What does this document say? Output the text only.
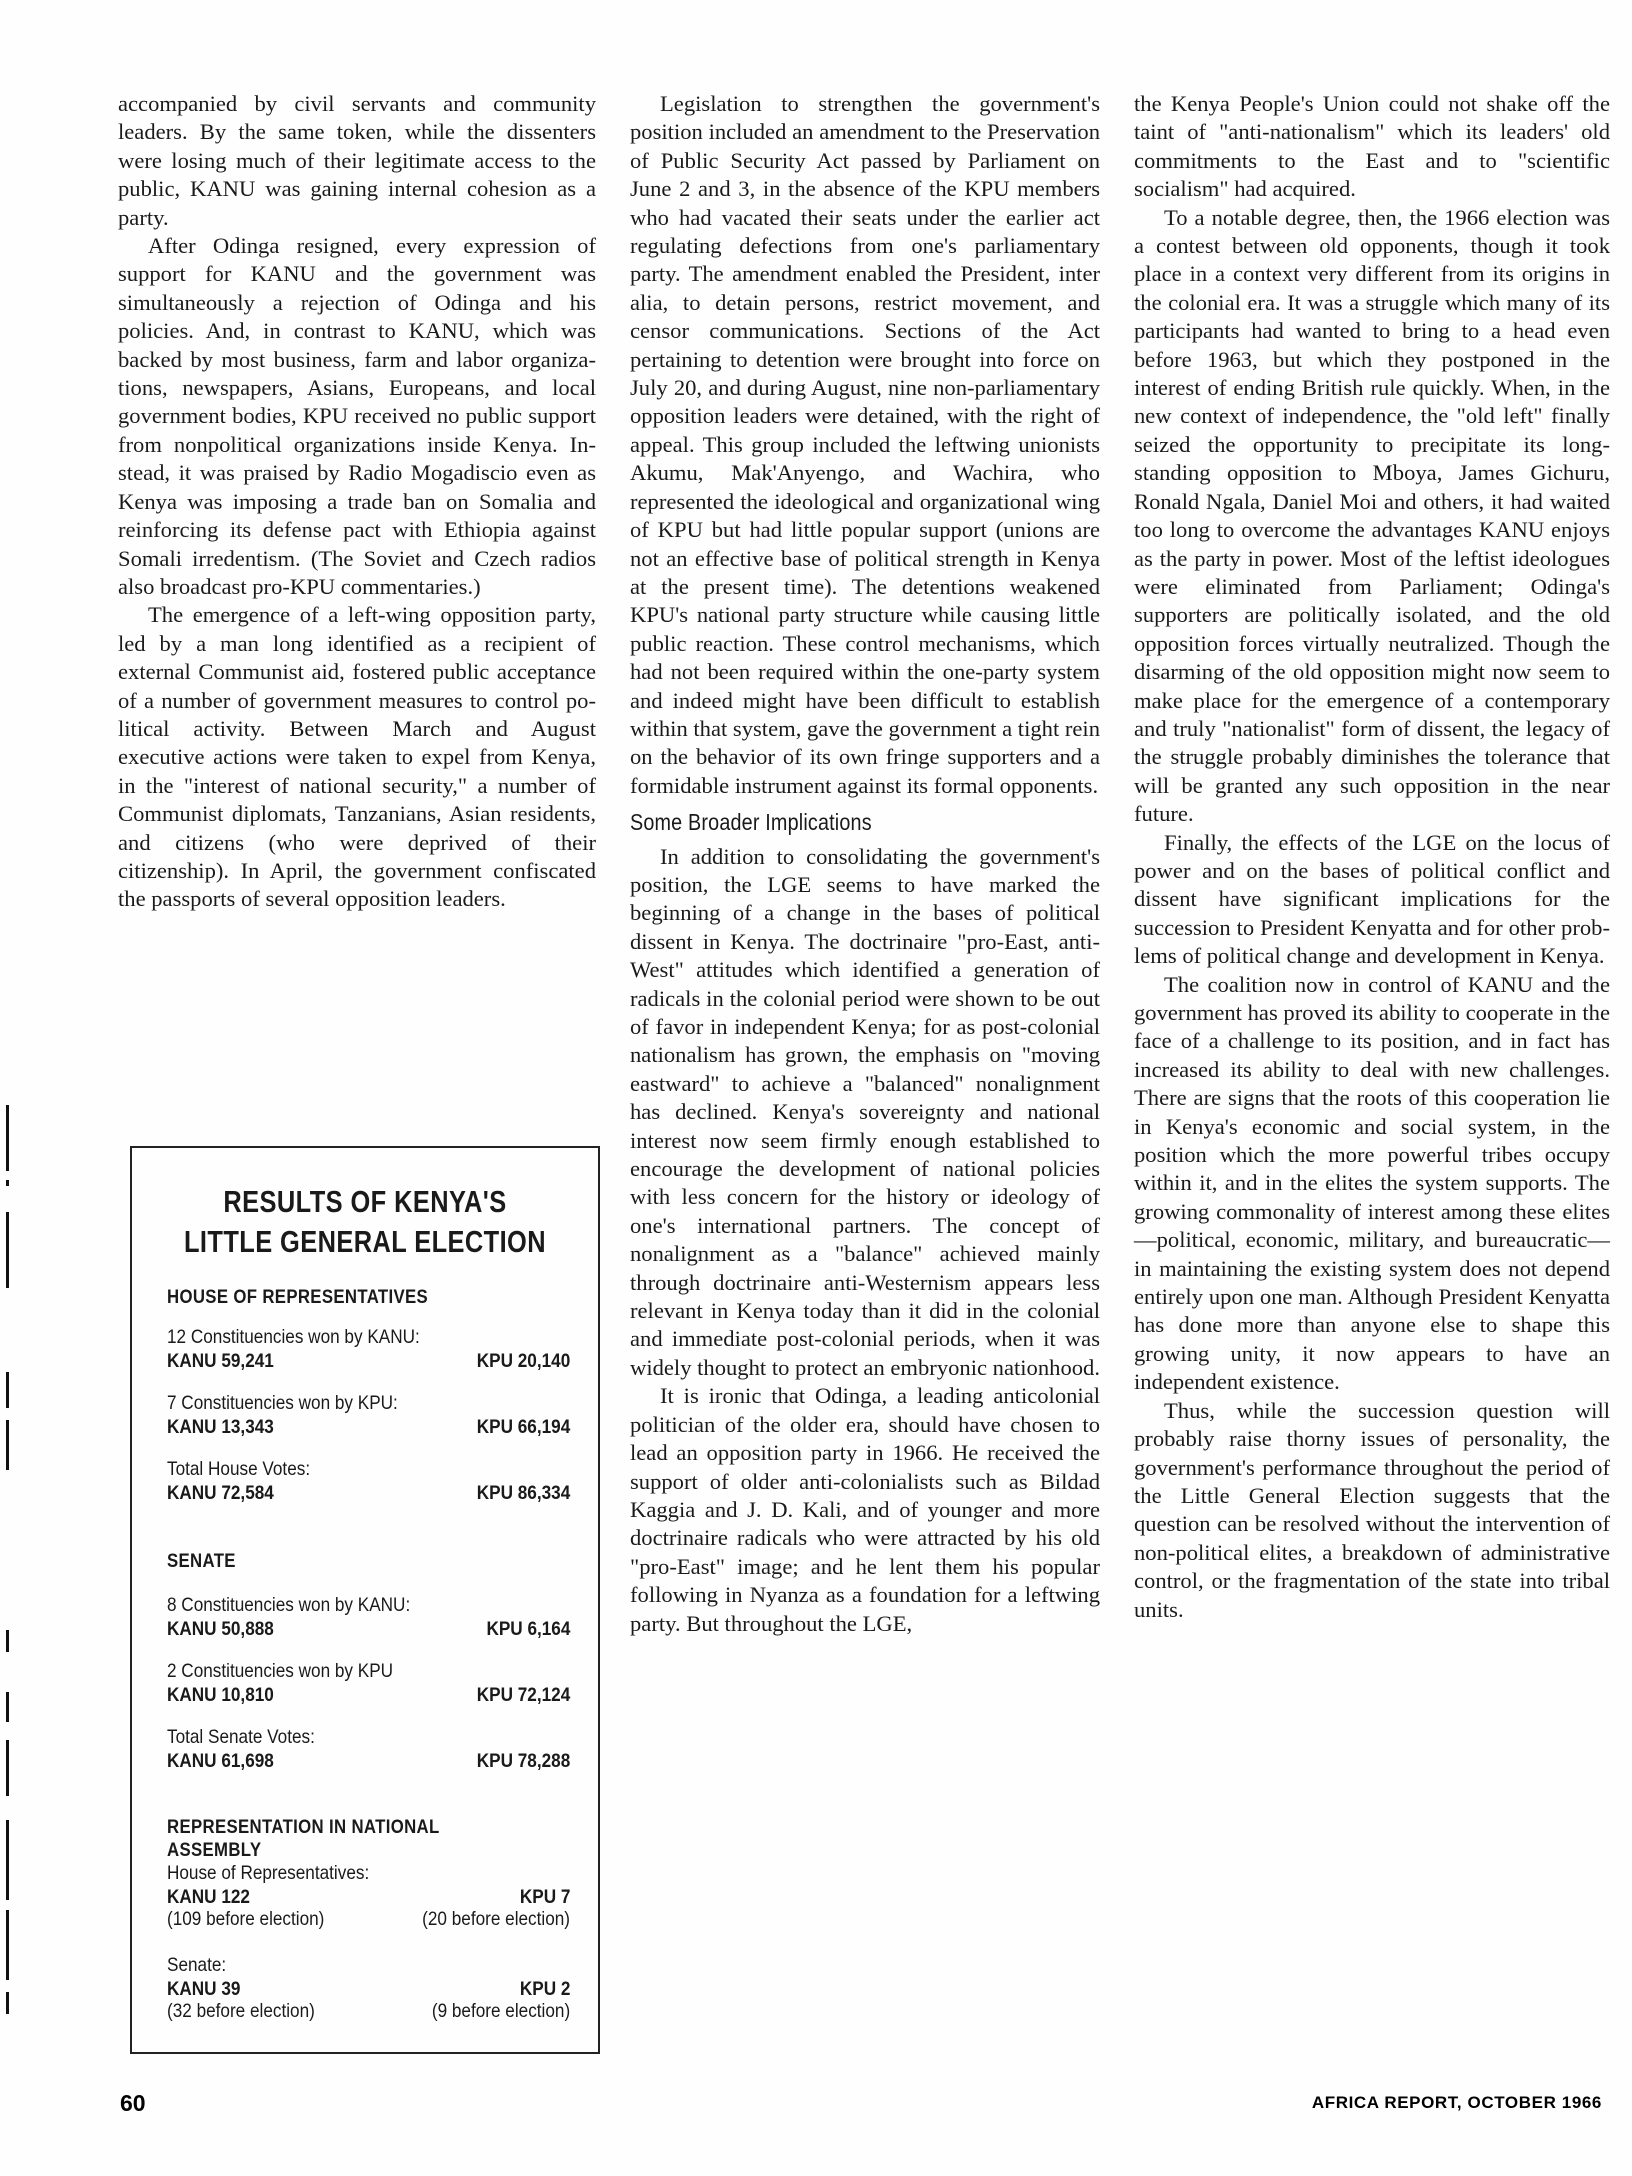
accompanied by civil servants and community leaders. By the same token, while the dissenters were losing much of their legitimate access to the public, KANU was gaining internal cohesion as a party.

After Odinga resigned, every expression of support for KANU and the government was simultaneously a rejection of Odinga and his policies. And, in contrast to KANU, which was backed by most business, farm and labor organizations, newspapers, Asians, Europeans, and local government bodies, KPU received no public support from nonpolitical organizations inside Kenya. Instead, it was praised by Radio Mogadiscio even as Kenya was imposing a trade ban on Somalia and reinforcing its defense pact with Ethiopia against Somali irredentism. (The Soviet and Czech radios also broadcast pro-KPU commentaries.)

The emergence of a left-wing opposition party, led by a man long identified as a recipient of external Communist aid, fostered public acceptance of a number of government measures to control political activity. Between March and August executive actions were taken to expel from Kenya, in the "interest of national security," a number of Communist diplomats, Tanzanians, Asian residents, and citizens (who were deprived of their citizenship). In April, the government confiscated the passports of several opposition leaders.

Legislation to strengthen the government's position included an amendment to the Preservation of Public Security Act passed by Parliament on June 2 and 3, in the absence of the KPU members who had vacated their seats under the earlier act regulating defections from one's parliamentary party. The amendment enabled the President, inter alia, to detain persons, restrict movement, and censor communications. Sections of the Act pertaining to detention were brought into force on July 20, and during August, nine non-parliamentary opposition leaders were detained, with the right of appeal. This group included the leftwing unionists Akumu, Mak'Anyengo, and Wachira, who represented the ideological and organizational wing of KPU but had little popular support (unions are not an effective base of political strength in Kenya at the present time). The detentions weakened KPU's national party structure while causing little public reaction. These control mechanisms, which had not been required within the one-party system and indeed might have been difficult to establish within that system, gave the government a tight rein on the behavior of its own fringe supporters and a formidable instrument against its formal opponents.

Some Broader Implications

In addition to consolidating the government's position, the LGE seems to have marked the beginning of a change in the bases of political dissent in Kenya. The doctrinaire "pro-East, anti-West" attitudes which identified a generation of radicals in the colonial period were shown to be out of favor in independent Kenya; for as post-colonial nationalism has grown, the emphasis on "moving eastward" to achieve a "balanced" nonalignment has declined. Kenya's sovereignty and national interest now seem firmly enough established to encourage the development of national policies with less concern for the history or ideology of one's international partners. The concept of nonalignment as a "balance" achieved mainly through doctrinaire anti-Westernism appears less relevant in Kenya today than it did in the colonial and immediate post-colonial periods, when it was widely thought to protect an embryonic nationhood.

It is ironic that Odinga, a leading anticolonial politician of the older era, should have chosen to lead an opposition party in 1966. He received the support of older anti-colonialists such as Bildad Kaggia and J. D. Kali, and of younger and more doctrinaire radicals who were attracted by his old "pro-East" image; and he lent them his popular following in Nyanza as a foundation for a leftwing party. But throughout the LGE,

the Kenya People's Union could not shake off the taint of "anti-nationalism" which its leaders' old commitments to the East and to "scientific socialism" had acquired.

To a notable degree, then, the 1966 election was a contest between old opponents, though it took place in a context very different from its origins in the colonial era. It was a struggle which many of its participants had wanted to bring to a head even before 1963, but which they postponed in the interest of ending British rule quickly. When, in the new context of independence, the "old left" finally seized the opportunity to precipitate its long-standing opposition to Mboya, James Gichuru, Ronald Ngala, Daniel Moi and others, it had waited too long to overcome the advantages KANU enjoys as the party in power. Most of the leftist ideologues were eliminated from Parliament; Odinga's supporters are politically isolated, and the old opposition forces virtually neutralized. Though the disarming of the old opposition might now seem to make place for the emergence of a contemporary and truly "nationalist" form of dissent, the legacy of the struggle probably diminishes the tolerance that will be granted any such opposition in the near future.

Finally, the effects of the LGE on the locus of power and on the bases of political conflict and dissent have significant implications for the succession to President Kenyatta and for other problems of political change and development in Kenya.

The coalition now in control of KANU and the government has proved its ability to cooperate in the face of a challenge to its position, and in fact has increased its ability to deal with new challenges. There are signs that the roots of this cooperation lie in Kenya's economic and social system, in the position which the more powerful tribes occupy within it, and in the elites the system supports. The growing commonality of interest among these elites—political, economic, military, and bureaucratic—in maintaining the existing system does not depend entirely upon one man. Although President Kenyatta has done more than anyone else to shape this growing unity, it now appears to have an independent existence.

Thus, while the succession question will probably raise thorny issues of personality, the government's performance throughout the period of the Little General Election suggests that the question can be resolved without the intervention of non-political elites, a breakdown of administrative control, or the fragmentation of the state into tribal units.

RESULTS OF KENYA'S
LITTLE GENERAL ELECTION
HOUSE OF REPRESENTATIVES
12 Constituencies won by KANU:
KANU 59,241	KPU 20,140
7 Constituencies won by KPU:
KANU 13,343	KPU 66,194
Total House Votes:
KANU 72,584	KPU 86,334
SENATE
8 Constituencies won by KANU:
KANU 50,888	KPU 6,164
2 Constituencies won by KPU
KANU 10,810	KPU 72,124
Total Senate Votes:
KANU 61,698	KPU 78,288
REPRESENTATION IN NATIONAL ASSEMBLY
House of Representatives:
KANU 122	KPU 7
(109 before election)	(20 before election)
Senate:
KANU 39	KPU 2
(32 before election)	(9 before election)
60	AFRICA REPORT, OCTOBER 1966
